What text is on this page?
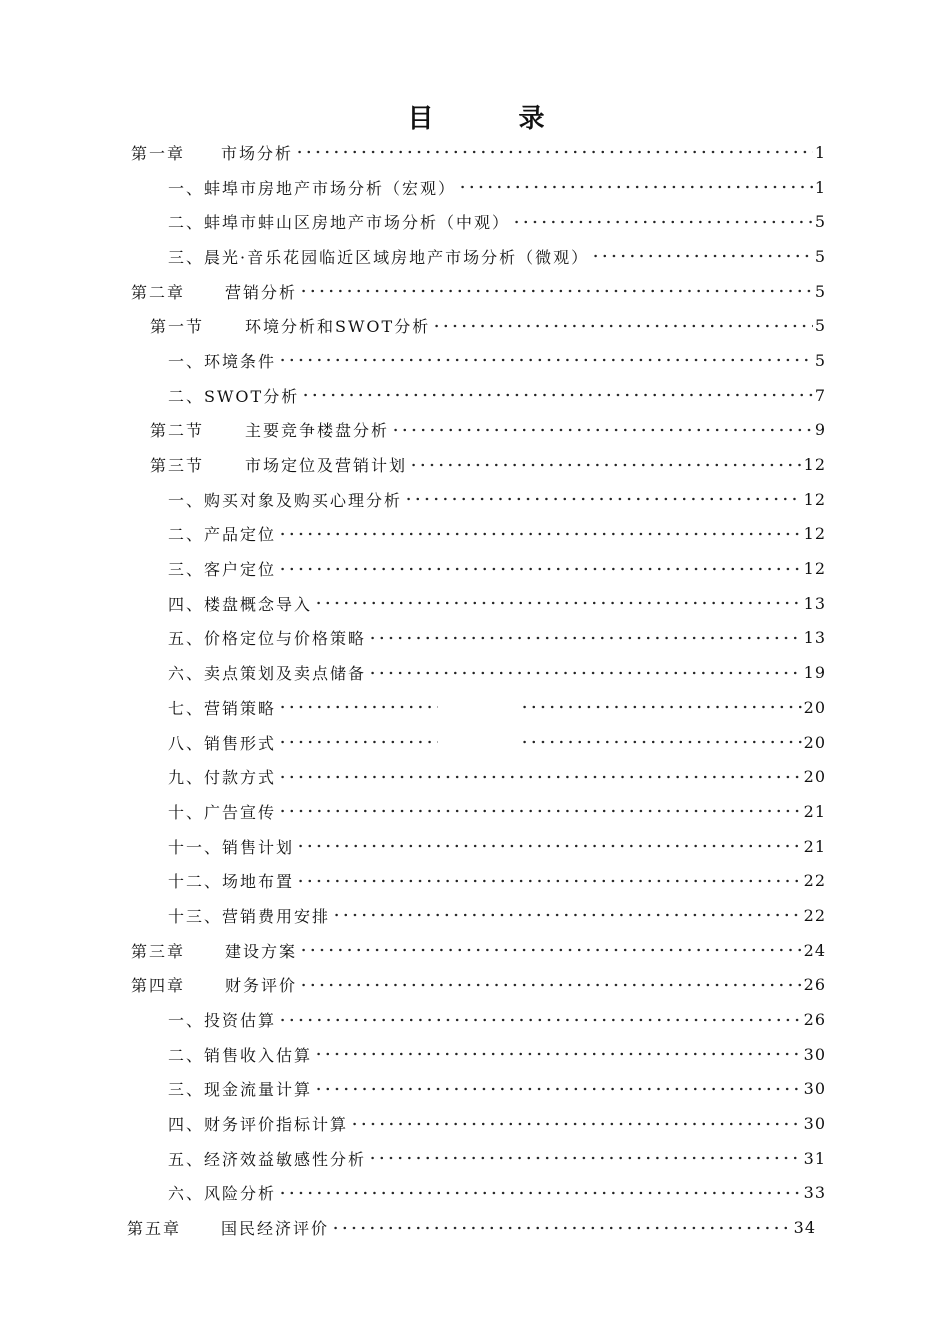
目 录
第一章	市场分析	1
一、蚌埠市房地产市场分析（宏观）	1
二、蚌埠市蚌山区房地产市场分析（中观）	5
三、晨光·音乐花园临近区域房地产市场分析（微观）	5
第二章	营销分析	5
第一节	环境分析和SWOT分析	5
一、环境条件	5
二、SWOT分析	7
第二节	主要竞争楼盘分析	9
第三节	市场定位及营销计划	12
一、购买对象及购买心理分析	12
二、产品定位	12
三、客户定位	12
四、楼盘概念导入	13
五、价格定位与价格策略	13
六、卖点策划及卖点储备	19
七、营销策略	20
八、销售形式	20
九、付款方式	20
十、广告宣传	21
十一、销售计划	21
十二、场地布置	22
十三、营销费用安排	22
第三章	建设方案	24
第四章	财务评价	26
一、投资估算	26
二、销售收入估算	30
三、现金流量计算	30
四、财务评价指标计算	30
五、经济效益敏感性分析	31
六、风险分析	33
第五章	国民经济评价	34
